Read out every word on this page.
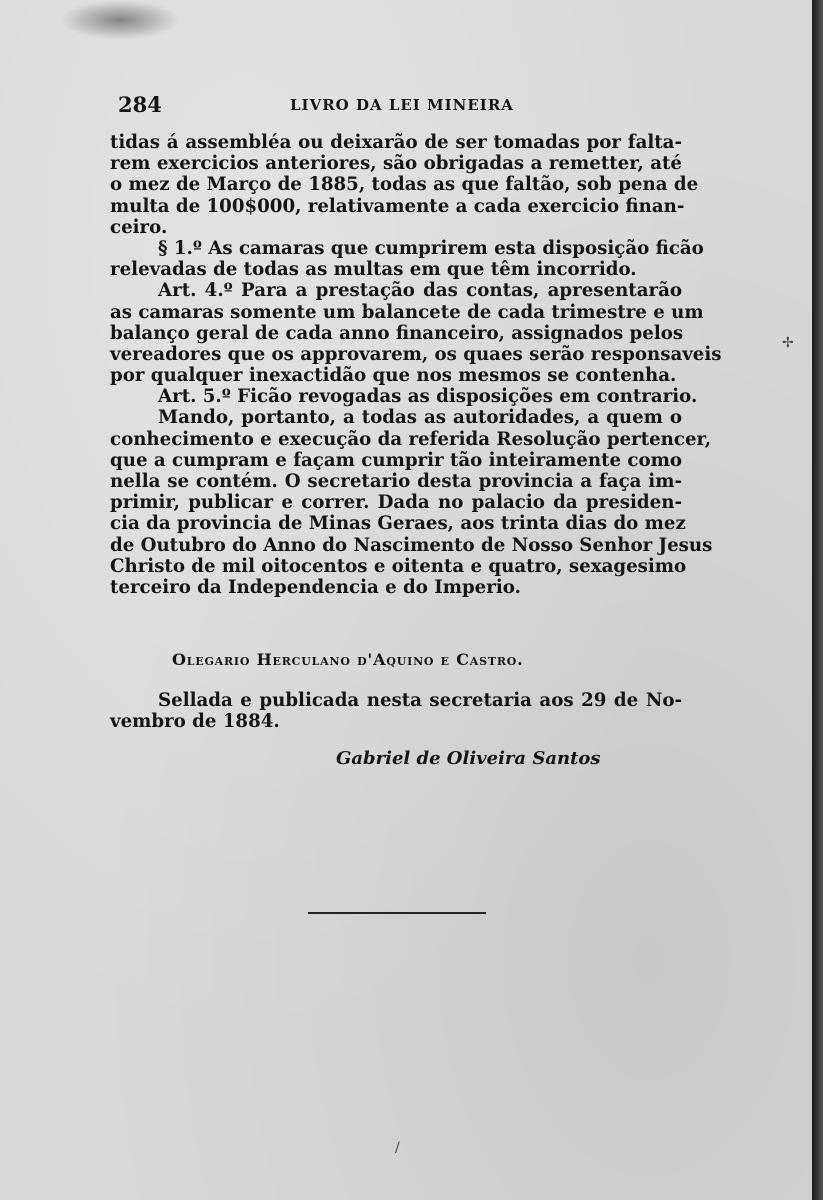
284	LIVRO DA LEI MINEIRA
tidas á assembléa ou deixarão de ser tomadas por falta-
rem exercicios anteriores, são obrigadas a remetter, até
o mez de Março de 1885, todas as que faltão, sob pena de
multa de 100$000, relativamente a cada exercicio finan-
ceiro.
§ 1.º As camaras que cumprirem esta disposição ficão
relevadas de todas as multas em que têm incorrido.
Art. 4.º Para a prestação das contas, apresentarão
as camaras somente um balancete de cada trimestre e um
balanço geral de cada anno financeiro, assignados pelos
vereadores que os approvarem, os quaes serão responsaveis
por qualquer inexactidão que nos mesmos se contenha.
Art. 5.º Ficão revogadas as disposições em contrario.
Mando, portanto, a todas as autoridades, a quem o
conhecimento e execução da referida Resolução pertencer,
que a cumpram e façam cumprir tão inteiramente como
nella se contém. O secretario desta provincia a faça im-
primir, publicar e correr. Dada no palacio da presiden-
cia da provincia de Minas Geraes, aos trinta dias do mez
de Outubro do Anno do Nascimento de Nosso Senhor Jesus
Christo de mil oitocentos e oitenta e quatro, sexagesimo
terceiro da Independencia e do Imperio.
Olegario Herculano d'Aquino e Castro.
Sellada e publicada nesta secretaria aos 29 de No-
vembro de 1884.
Gabriel de Oliveira Santos
✢
/
